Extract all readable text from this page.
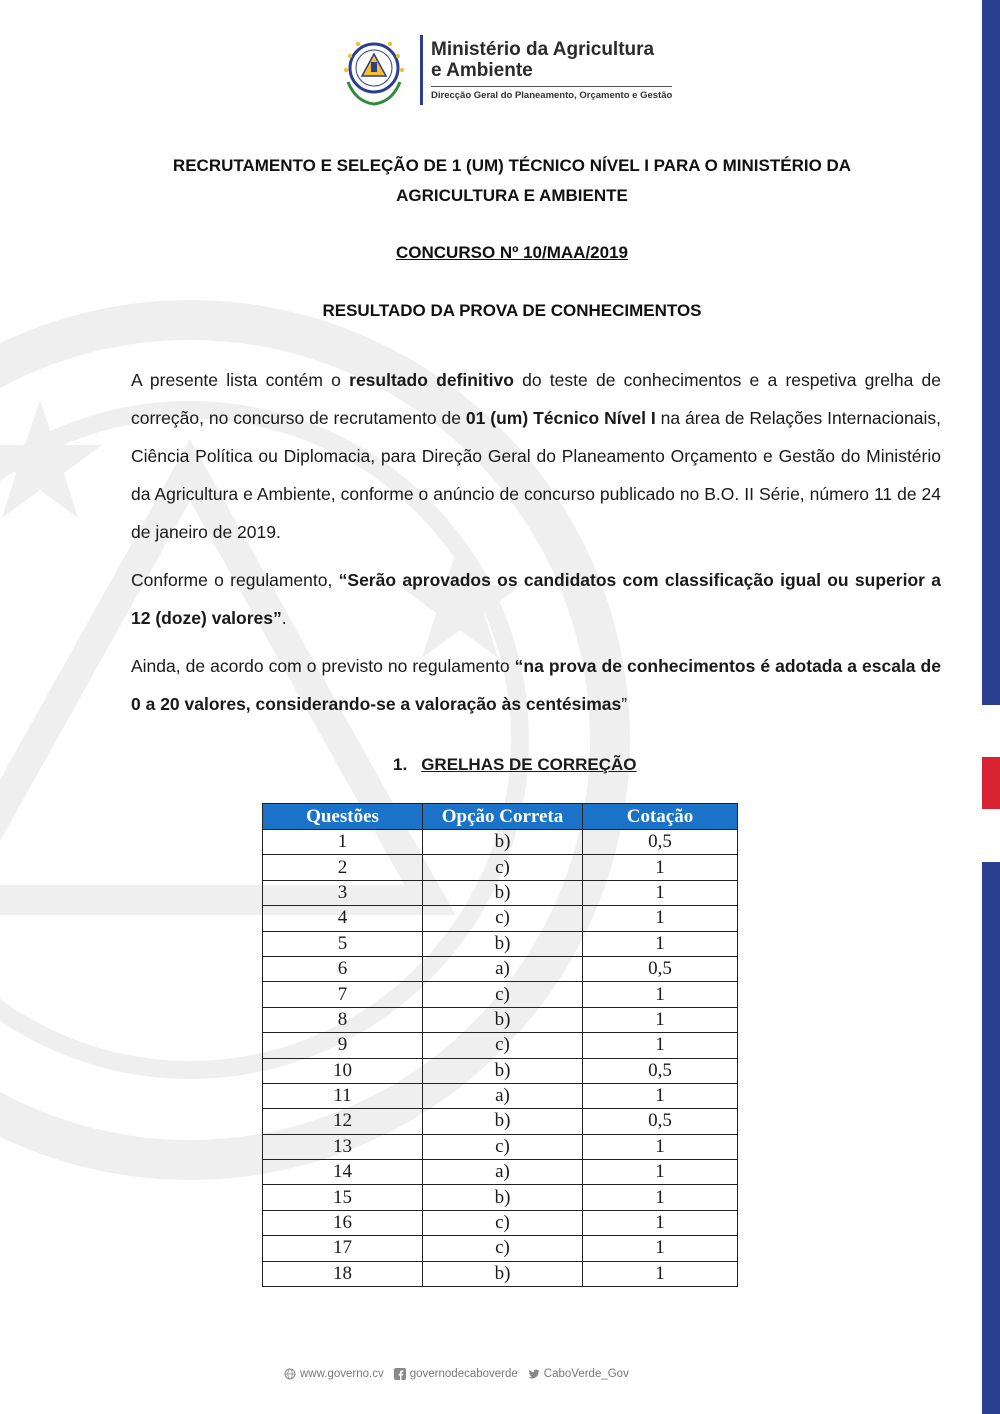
Ministério da Agricultura
e Ambiente
Direcção Geral do Planeamento, Orçamento e Gestão
RECRUTAMENTO E SELEÇÃO DE 1 (UM) TÉCNICO NÍVEL I PARA O MINISTÉRIO DA AGRICULTURA E AMBIENTE
CONCURSO Nº 10/MAA/2019
RESULTADO DA PROVA DE CONHECIMENTOS
A presente lista contém o resultado definitivo do teste de conhecimentos e a respetiva grelha de correção, no concurso de recrutamento de 01 (um) Técnico Nível I na área de Relações Internacionais, Ciência Política ou Diplomacia, para Direção Geral do Planeamento Orçamento e Gestão do Ministério da Agricultura e Ambiente, conforme o anúncio de concurso publicado no B.O. II Série, número 11 de 24 de janeiro de 2019.
Conforme o regulamento, “Serão aprovados os candidatos com classificação igual ou superior a 12 (doze) valores”.
Ainda, de acordo com o previsto no regulamento “na prova de conhecimentos é adotada a escala de 0 a 20 valores, considerando-se a valoração às centésimas”
1. GRELHAS DE CORREÇÃO
Questões	Opção Correta	Cotação
1	b)	0,5
2	c)	1
3	b)	1
4	c)	1
5	b)	1
6	a)	0,5
7	c)	1
8	b)	1
9	c)	1
10	b)	0,5
11	a)	1
12	b)	0,5
13	c)	1
14	a)	1
15	b)	1
16	c)	1
17	c)	1
18	b)	1
www.governo.cv governodecaboverde CaboVerde_Gov
